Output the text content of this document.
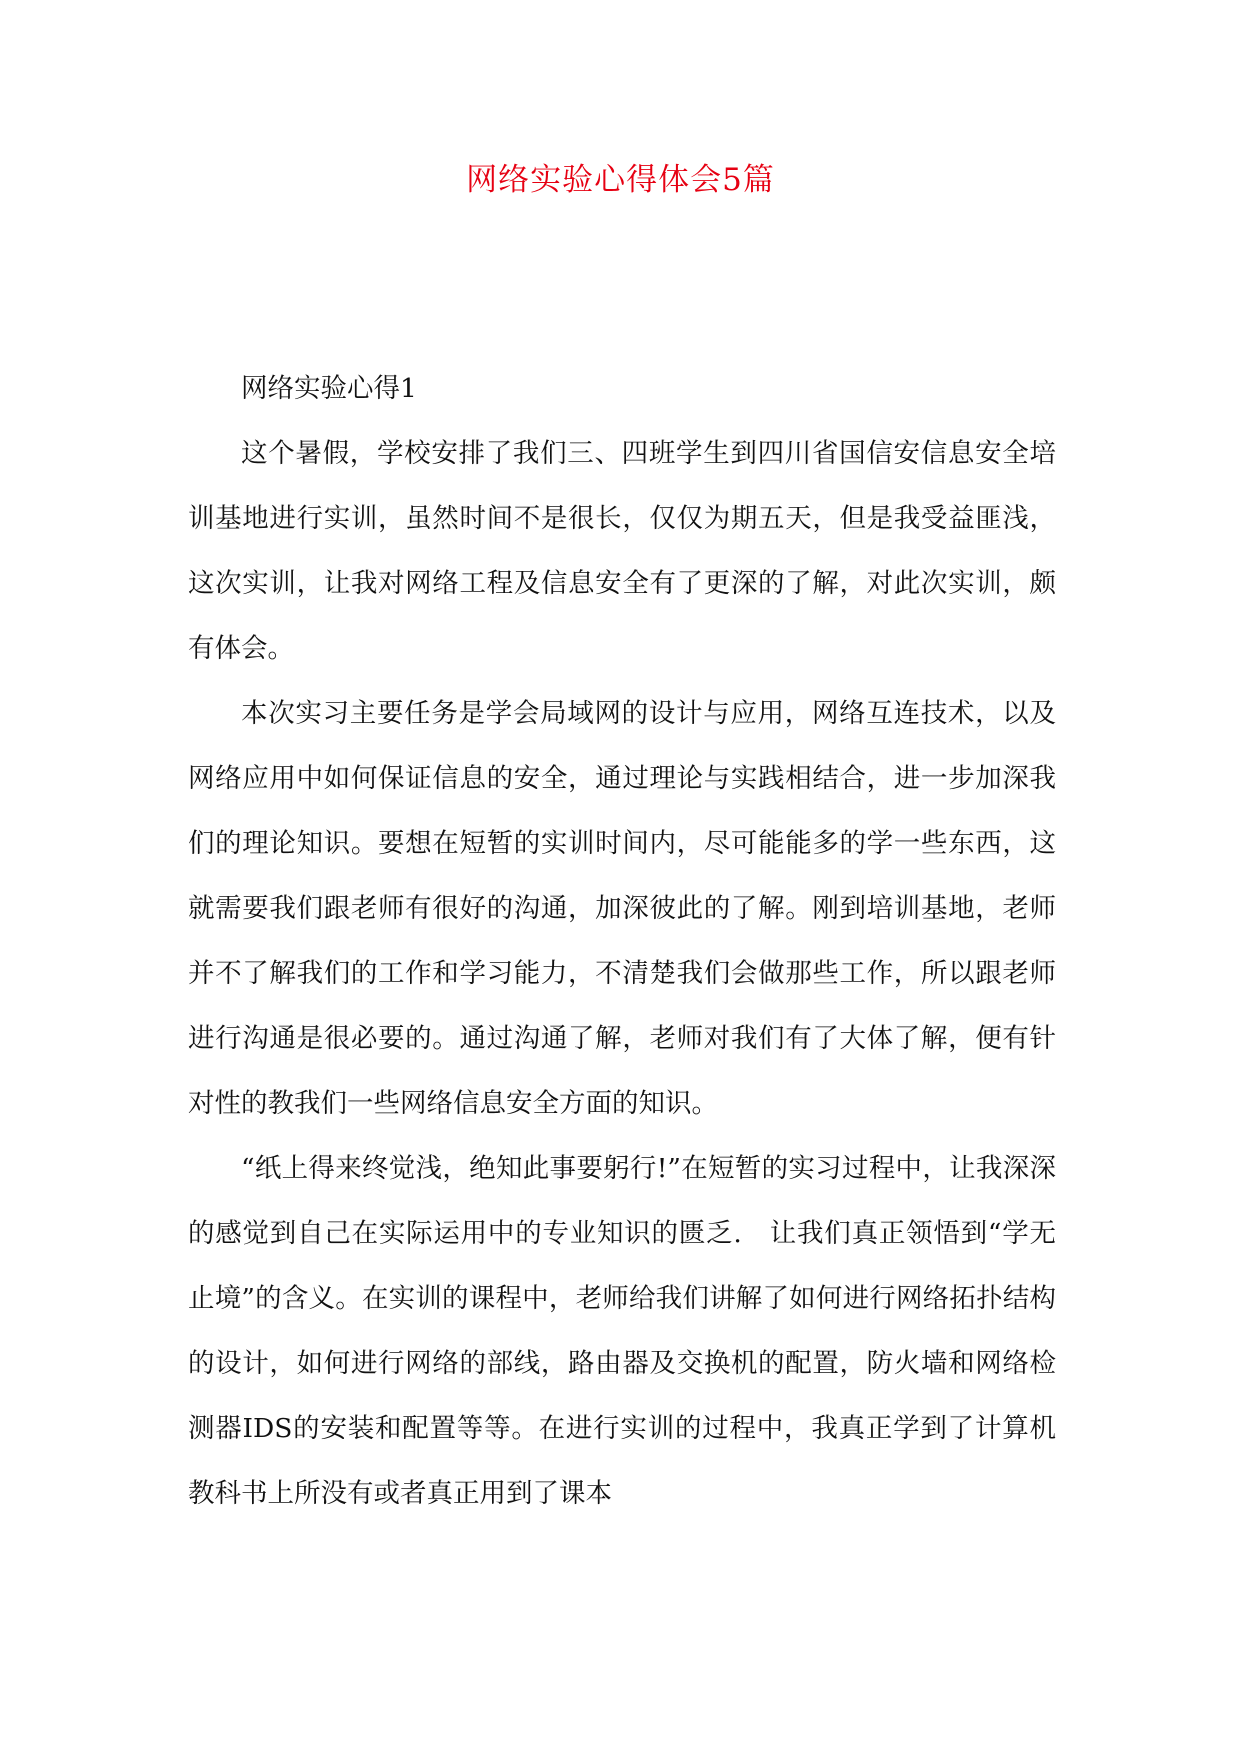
网络实验心得体会5篇

网络实验心得1

这个暑假，学校安排了我们三、四班学生到四川省国信安信息安全培训基地进行实训，虽然时间不是很长，仅仅为期五天，但是我受益匪浅，这次实训，让我对网络工程及信息安全有了更深的了解，对此次实训，颇有体会。

本次实习主要任务是学会局域网的设计与应用，网络互连技术，以及网络应用中如何保证信息的安全，通过理论与实践相结合，进一步加深我们的理论知识。要想在短暂的实训时间内，尽可能能多的学一些东西，这就需要我们跟老师有很好的沟通，加深彼此的了解。刚到培训基地，老师并不了解我们的工作和学习能力，不清楚我们会做那些工作，所以跟老师进行沟通是很必要的。通过沟通了解，老师对我们有了大体了解，便有针对性的教我们一些网络信息安全方面的知识。

“纸上得来终觉浅，绝知此事要躬行!”在短暂的实习过程中，让我深深的感觉到自己在实际运用中的专业知识的匮乏.　让我们真正领悟到“学无止境”的含义。在实训的课程中，老师给我们讲解了如何进行网络拓扑结构的设计，如何进行网络的部线，路由器及交换机的配置，防火墙和网络检测器IDS的安装和配置等等。在进行实训的过程中，我真正学到了计算机教科书上所没有或者真正用到了课本
